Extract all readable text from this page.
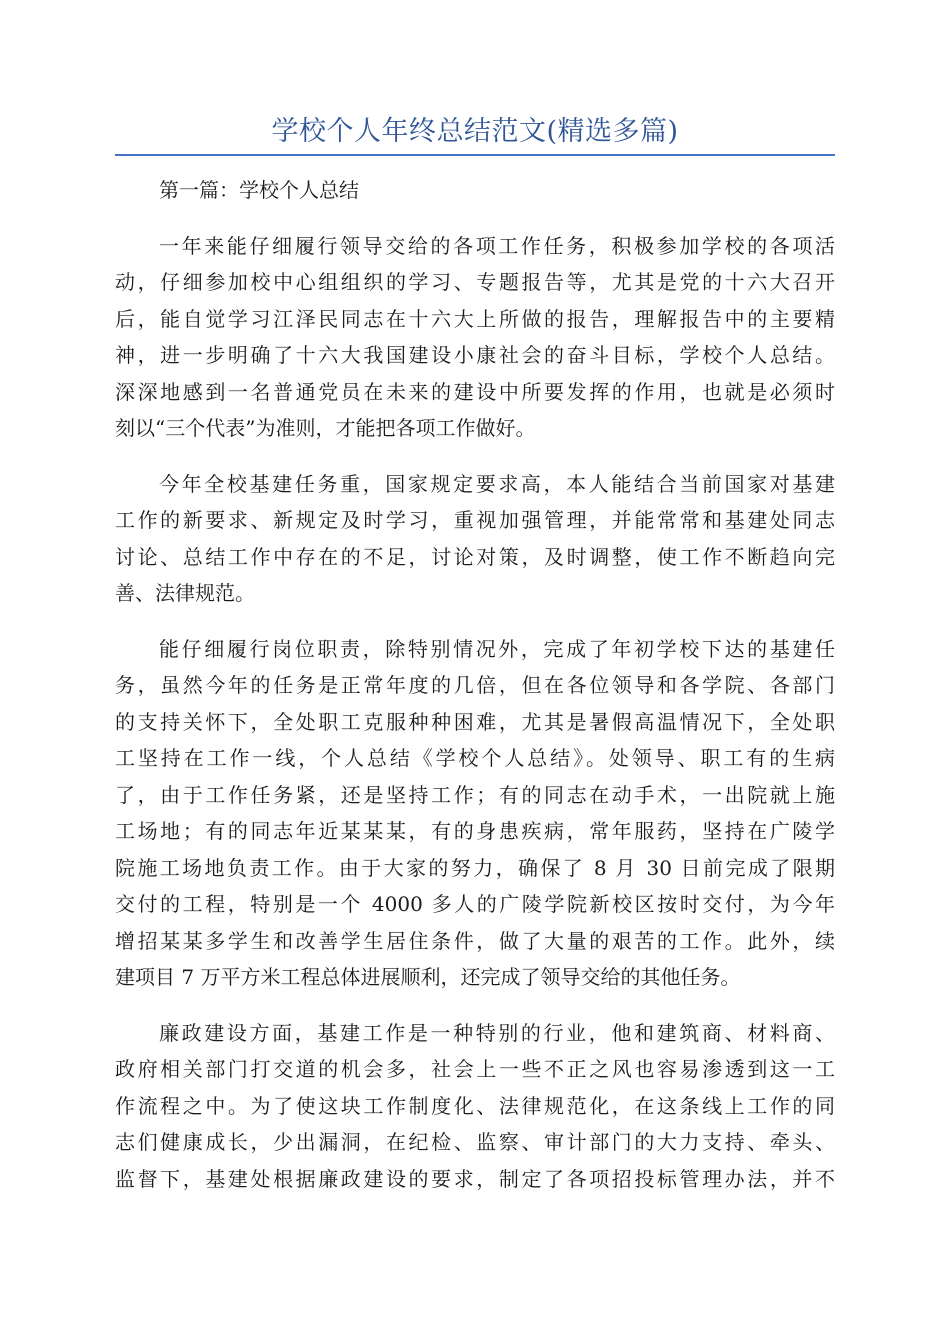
学校个人年终总结范文(精选多篇)
第一篇：学校个人总结
一年来能仔细履行领导交给的各项工作任务，积极参加学校的各项活
动，仔细参加校中心组组织的学习、专题报告等，尤其是党的十六大召开
后，能自觉学习江泽民同志在十六大上所做的报告，理解报告中的主要精
神，进一步明确了十六大我国建设小康社会的奋斗目标，学校个人总结。
深深地感到一名普通党员在未来的建设中所要发挥的作用，也就是必须时
刻以“三个代表”为准则，才能把各项工作做好。
今年全校基建任务重，国家规定要求高，本人能结合当前国家对基建
工作的新要求、新规定及时学习，重视加强管理，并能常常和基建处同志
讨论、总结工作中存在的不足，讨论对策，及时调整，使工作不断趋向完
善、法律规范。
能仔细履行岗位职责，除特别情况外，完成了年初学校下达的基建任
务，虽然今年的任务是正常年度的几倍，但在各位领导和各学院、各部门
的支持关怀下，全处职工克服种种困难，尤其是暑假高温情况下，全处职
工坚持在工作一线，个人总结《学校个人总结》。处领导、职工有的生病
了，由于工作任务紧，还是坚持工作；有的同志在动手术，一出院就上施
工场地；有的同志年近某某某，有的身患疾病，常年服药，坚持在广陵学
院施工场地负责工作。由于大家的努力，确保了 8 月 30 日前完成了限期
交付的工程，特别是一个 4000 多人的广陵学院新校区按时交付，为今年
增招某某多学生和改善学生居住条件，做了大量的艰苦的工作。此外，续
建项目 7 万平方米工程总体进展顺利，还完成了领导交给的其他任务。
廉政建设方面，基建工作是一种特别的行业，他和建筑商、材料商、
政府相关部门打交道的机会多，社会上一些不正之风也容易渗透到这一工
作流程之中。为了使这块工作制度化、法律规范化，在这条线上工作的同
志们健康成长，少出漏洞，在纪检、监察、审计部门的大力支持、牵头、
监督下，基建处根据廉政建设的要求，制定了各项招投标管理办法，并不
